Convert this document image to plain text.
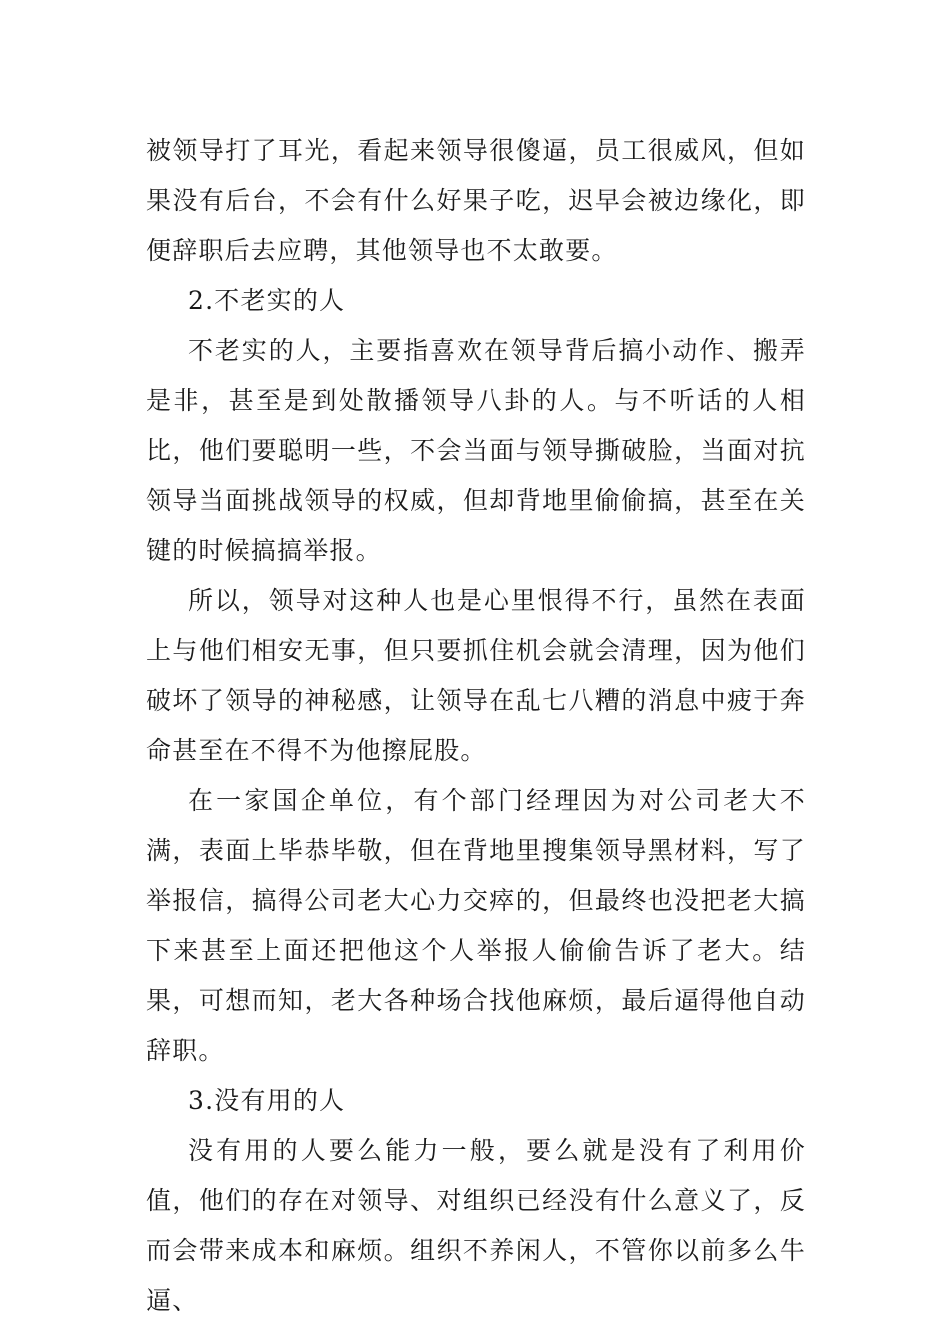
被领导打了耳光，看起来领导很傻逼，员工很威风，但如果没有后台，不会有什么好果子吃，迟早会被边缘化，即便辞职后去应聘，其他领导也不太敢要。

2.不老实的人

不老实的人，主要指喜欢在领导背后搞小动作、搬弄是非，甚至是到处散播领导八卦的人。与不听话的人相比，他们要聪明一些，不会当面与领导撕破脸，当面对抗领导当面挑战领导的权威，但却背地里偷偷搞，甚至在关键的时候搞搞举报。

所以，领导对这种人也是心里恨得不行，虽然在表面上与他们相安无事，但只要抓住机会就会清理，因为他们破坏了领导的神秘感，让领导在乱七八糟的消息中疲于奔命甚至在不得不为他擦屁股。

在一家国企单位，有个部门经理因为对公司老大不满，表面上毕恭毕敬，但在背地里搜集领导黑材料，写了举报信，搞得公司老大心力交瘁的，但最终也没把老大搞下来甚至上面还把他这个人举报人偷偷告诉了老大。结果，可想而知，老大各种场合找他麻烦，最后逼得他自动辞职。

3.没有用的人

没有用的人要么能力一般，要么就是没有了利用价值，他们的存在对领导、对组织已经没有什么意义了，反而会带来成本和麻烦。组织不养闲人，不管你以前多么牛逼、
